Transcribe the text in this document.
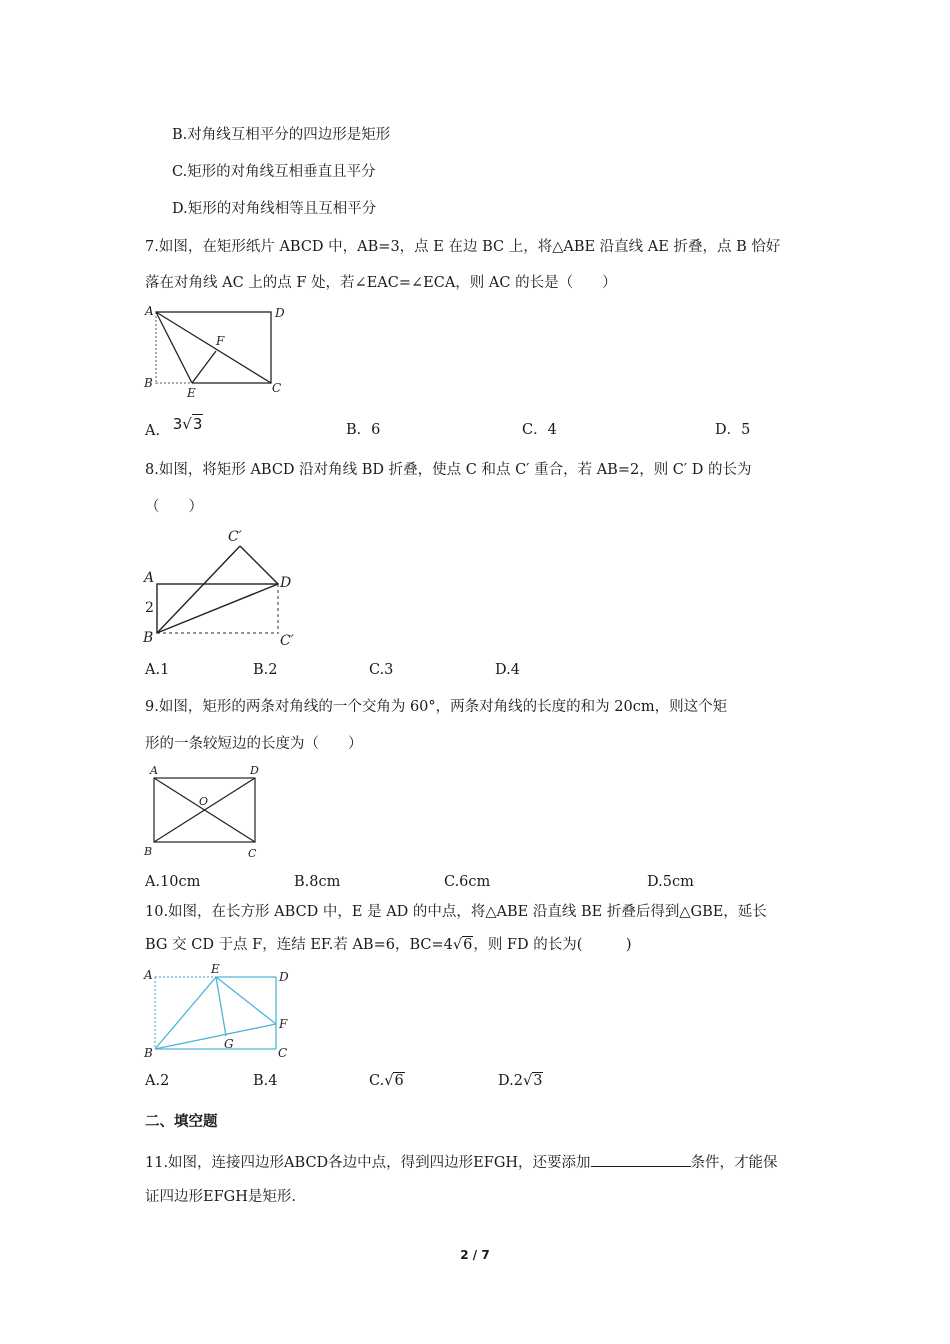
B.对角线互相平分的四边形是矩形
C.矩形的对角线互相垂直且平分
D.矩形的对角线相等且互相平分
7.如图，在矩形纸片 ABCD 中，AB=3，点 E 在边 BC 上，将△ABE 沿直线 AE 折叠，点 B 恰好
落在对角线 AC 上的点 F 处，若∠EAC=∠ECA，则 AC 的长是（　　）
A	D
F
B
E	C
A. 3√3	B．6	C．4	D．5
8.如图，将矩形 ABCD 沿对角线 BD 折叠，使点 C 和点 C′ 重合，若 AB=2，则 C′ D 的长为
（　　）
C′
A	D
2
B	C′
A.1	B.2	C.3	D.4
9.如图，矩形的两条对角线的一个交角为 60°，两条对角线的长度的和为 20cm，则这个矩
形的一条较短边的长度为（　　）
A	D
O
B	C
A.10cm	B.8cm	C.6cm	D.5cm
10.如图，在长方形 ABCD 中，E 是 AD 的中点，将△ABE 沿直线 BE 折叠后得到△GBE，延长
BG 交 CD 于点 F，连结 EF.若 AB=6，BC=4√6，则 FD 的长为(　　　)
A	E
D
F
G
B	C
A.2	B.4	C.√6	D.2√3
二、填空题
11.如图，连接四边形ABCD各边中点，得到四边形EFGH，还要添加	条件，才能保
证四边形EFGH是矩形.
2 / 7
